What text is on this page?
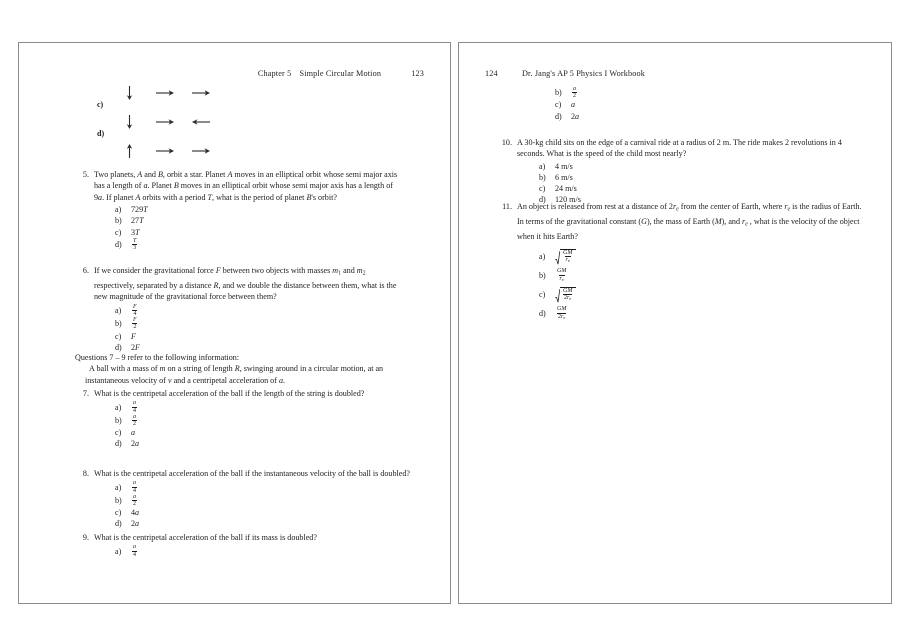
Chapter 5 Simple Circular Motion	123
c)
d)
5. Two planets, A and B, orbit a star. Planet A moves in an elliptical orbit whose semi major axis has a length of a. Planet B moves in an elliptical orbit whose semi major axis has a length of 9a. If planet A orbits with a period T, what is the period of planet B's orbit?
a)	729 T
b)	27 T
c)	3 T
d)	$\frac{T}{3}$
6. If we consider the gravitational force F between two objects with masses $m_1$ and $m_2$ respectively, separated by a distance R, and we double the distance between them, what is the new magnitude of the gravitational force between them?
a)	$\frac{F}{4}$
b)	$\frac{F}{2}$
c)	F
d)	2 F
Questions 7 – 9 refer to the following information:
A ball with a mass of m on a string of length R, swinging around in a circular motion, at an instantaneous velocity of v and a centripetal acceleration of a.
7. What is the centripetal acceleration of the ball if the length of the string is doubled?
a)	$\frac{a}{4}$
b)	$\frac{a}{2}$
c)	a
d)	2 a
8. What is the centripetal acceleration of the ball if the instantaneous velocity of the ball is doubled?
a)	$\frac{a}{4}$
b)	$\frac{a}{2}$
c)	4 a
d)	2 a
9. What is the centripetal acceleration of the ball if its mass is doubled?
a)	$\frac{a}{4}$
124	Dr. Jang's AP 5 Physics I Workbook
b)	$\frac{a}{2}$
c)	a
d)	2 a
10. A 30-kg child sits on the edge of a carnival ride at a radius of 2 m. The ride makes 2 revolutions in 4 seconds. What is the speed of the child most nearly?
a)	4 m/s
b)	6 m/s
c)	24 m/s
d)	120 m/s
11. An object is released from rest at a distance of $2r_e$ from the center of Earth, where $r_e$ is the radius of Earth. In terms of the gravitational constant (G), the mass of Earth (M), and $r_e$ , what is the velocity of the object when it hits Earth?
a)	$\frac{GM}{r_e}$
b)	$\frac{GM}{r_e}$
c)	$\frac{GM}{2r_e}$
d)	$\frac{GM}{2r_e}$
